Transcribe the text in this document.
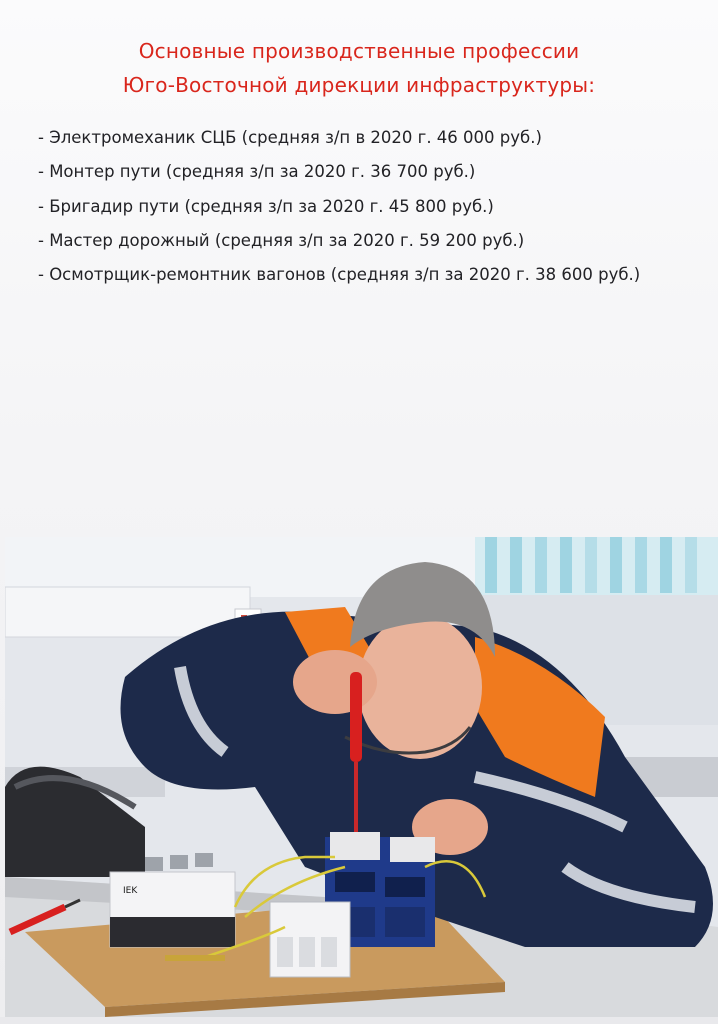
Основные производственные профессии
Юго-Восточной дирекции инфраструктуры:
- Электромеханик СЦБ (средняя з/п в 2020 г. 46 000 руб.)
- Монтер пути (средняя з/п за 2020 г. 36 700 руб.)
- Бригадир пути (средняя з/п за 2020 г. 45 800 руб.)
- Мастер дорожный (средняя з/п за 2020 г. 59 200 руб.)
- Осмотрщик-ремонтник вагонов (средняя з/п за 2020 г. 38 600 руб.)
IEK
